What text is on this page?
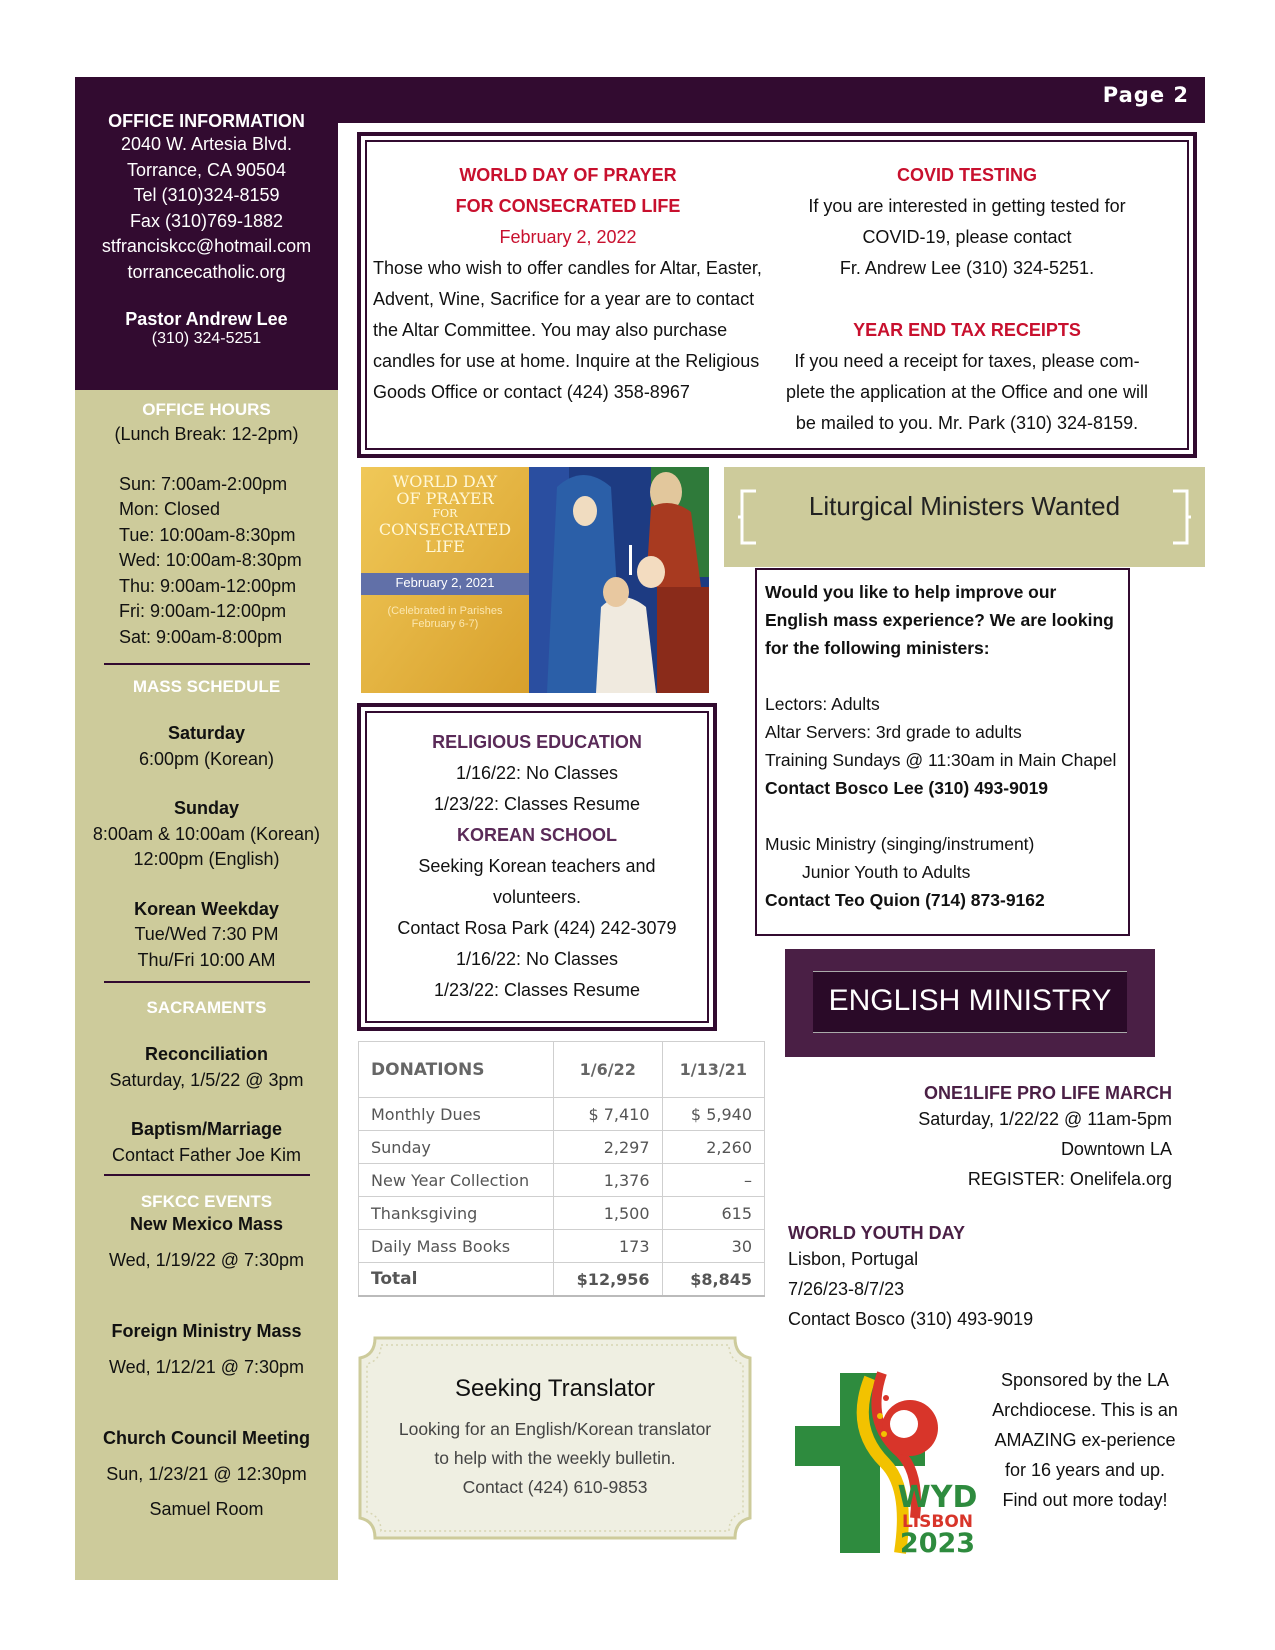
Page 2
OFFICE INFORMATION
2040 W. Artesia Blvd.
Torrance, CA 90504
Tel (310)324-8159
Fax (310)769-1882
stfranciskcc@hotmail.com
torrancecatholic.org
Pastor Andrew Lee
(310) 324-5251
OFFICE HOURS
(Lunch Break: 12-2pm)
Sun: 7:00am-2:00pm
Mon: Closed
Tue: 10:00am-8:30pm
Wed: 10:00am-8:30pm
Thu: 9:00am-12:00pm
Fri: 9:00am-12:00pm
Sat: 9:00am-8:00pm
MASS SCHEDULE
Saturday
6:00pm (Korean)
Sunday
8:00am & 10:00am (Korean)
12:00pm (English)
Korean Weekday
Tue/Wed 7:30 PM
Thu/Fri 10:00 AM
SACRAMENTS
Reconciliation
Saturday, 1/5/22 @ 3pm
Baptism/Marriage
Contact Father Joe Kim
SFKCC EVENTS
New Mexico Mass
Wed, 1/19/22 @ 7:30pm
Foreign Ministry Mass
Wed, 1/12/21 @ 7:30pm
Church Council Meeting
Sun, 1/23/21 @ 12:30pm
Samuel Room
WORLD DAY OF PRAYER
FOR CONSECRATED LIFE
February 2, 2022
Those who wish to offer candles for Altar, Easter, Advent, Wine, Sacrifice for a year are to contact the Altar Committee. You may also purchase candles for use at home. Inquire at the Religious Goods Office or contact (424) 358-8967
COVID TESTING
If you are interested in getting tested for
COVID-19, please contact
Fr. Andrew Lee (310) 324-5251.
YEAR END TAX RECEIPTS
If you need a receipt for taxes, please com-
plete the application at the Office and one will
be mailed to you. Mr. Park (310) 324-8159.
WORLD DAY
OF PRAYER
FOR
CONSECRATED
LIFE
February 2, 2021
(Celebrated in Parishes
February 6-7)
Liturgical Ministers Wanted
Would you like to help improve our English mass experience? We are looking for the following ministers:
Lectors: Adults
Altar Servers: 3rd grade to adults
Training Sundays @ 11:30am in Main Chapel
Contact Bosco Lee (310) 493-9019
Music Ministry (singing/instrument)
Junior Youth to Adults
Contact Teo Quion (714) 873-9162
RELIGIOUS EDUCATION
1/16/22: No Classes
1/23/22: Classes Resume
KOREAN SCHOOL
Seeking Korean teachers and
volunteers.
Contact Rosa Park (424) 242-3079
1/16/22: No Classes
1/23/22: Classes Resume
DONATIONS	1/6/22	1/13/21
Monthly Dues	$ 7,410	$ 5,940
Sunday	2,297	2,260
New Year Collection	1,376	–
Thanksgiving	1,500	615
Daily Mass Books	173	30
Total	$12,956	$8,845
Seeking Translator
Looking for an English/Korean translator
to help with the weekly bulletin.
Contact (424) 610-9853
ENGLISH MINISTRY
ONE1LIFE PRO LIFE MARCH
Saturday, 1/22/22 @ 11am-5pm
Downtown LA
REGISTER: Onelifela.org
WORLD YOUTH DAY
Lisbon, Portugal
7/26/23-8/7/23
Contact Bosco (310) 493-9019
WYD
LISBON
2023
Sponsored by the LA Archdiocese. This is an AMAZING ex-perience for 16 years and up. Find out more today!
